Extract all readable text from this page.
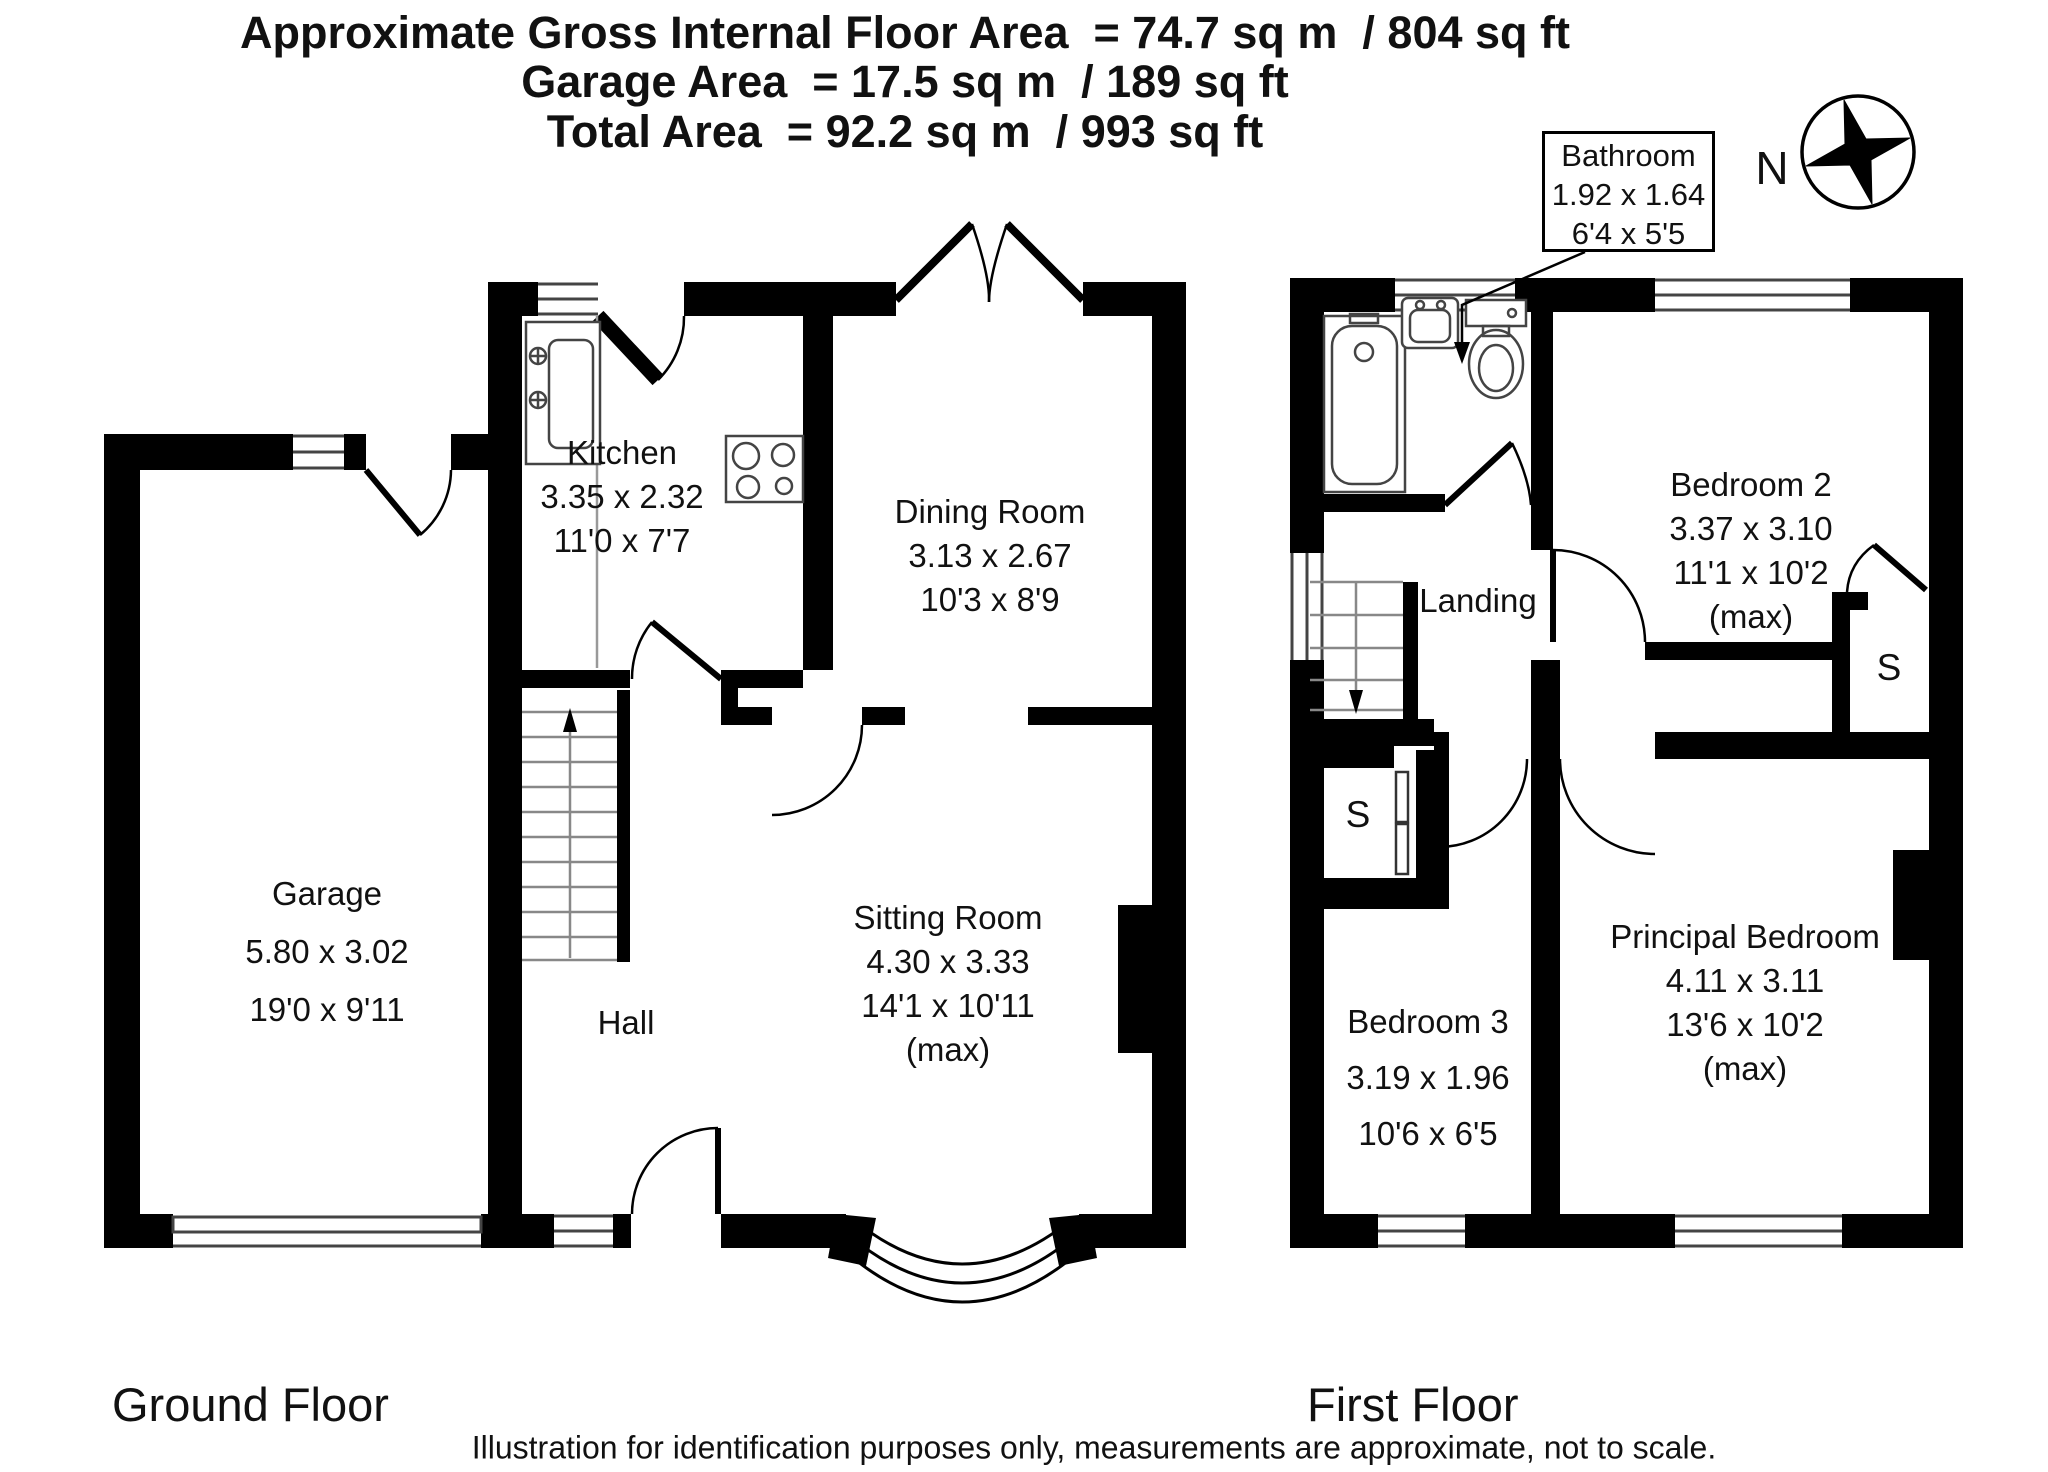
Approximate Gross Internal Floor Area  = 74.7 sq m  / 804 sq ft
Garage Area  = 17.5 sq m  / 189 sq ft
Total Area  = 92.2 sq m  / 993 sq ft
N
Bathroom
1.92 x 1.64
6'4 x 5'5
Garage
5.80 x 3.02
19'0 x 9'11
Kitchen
3.35 x 2.32
11'0 x 7'7
Dining Room
3.13 x 2.67
10'3 x 8'9
Sitting Room
4.30 x 3.33
14'1 x 10'11
(max)
Hall
Bedroom 2
3.37 x 3.10
11'1 x 10'2
(max)
Landing
Bedroom 3
3.19 x 1.96
10'6 x 6'5
Principal Bedroom
4.11 x 3.11
13'6 x 10'2
(max)
S
S
Ground Floor	First Floor
Illustration for identification purposes only, measurements are approximate, not to scale.
